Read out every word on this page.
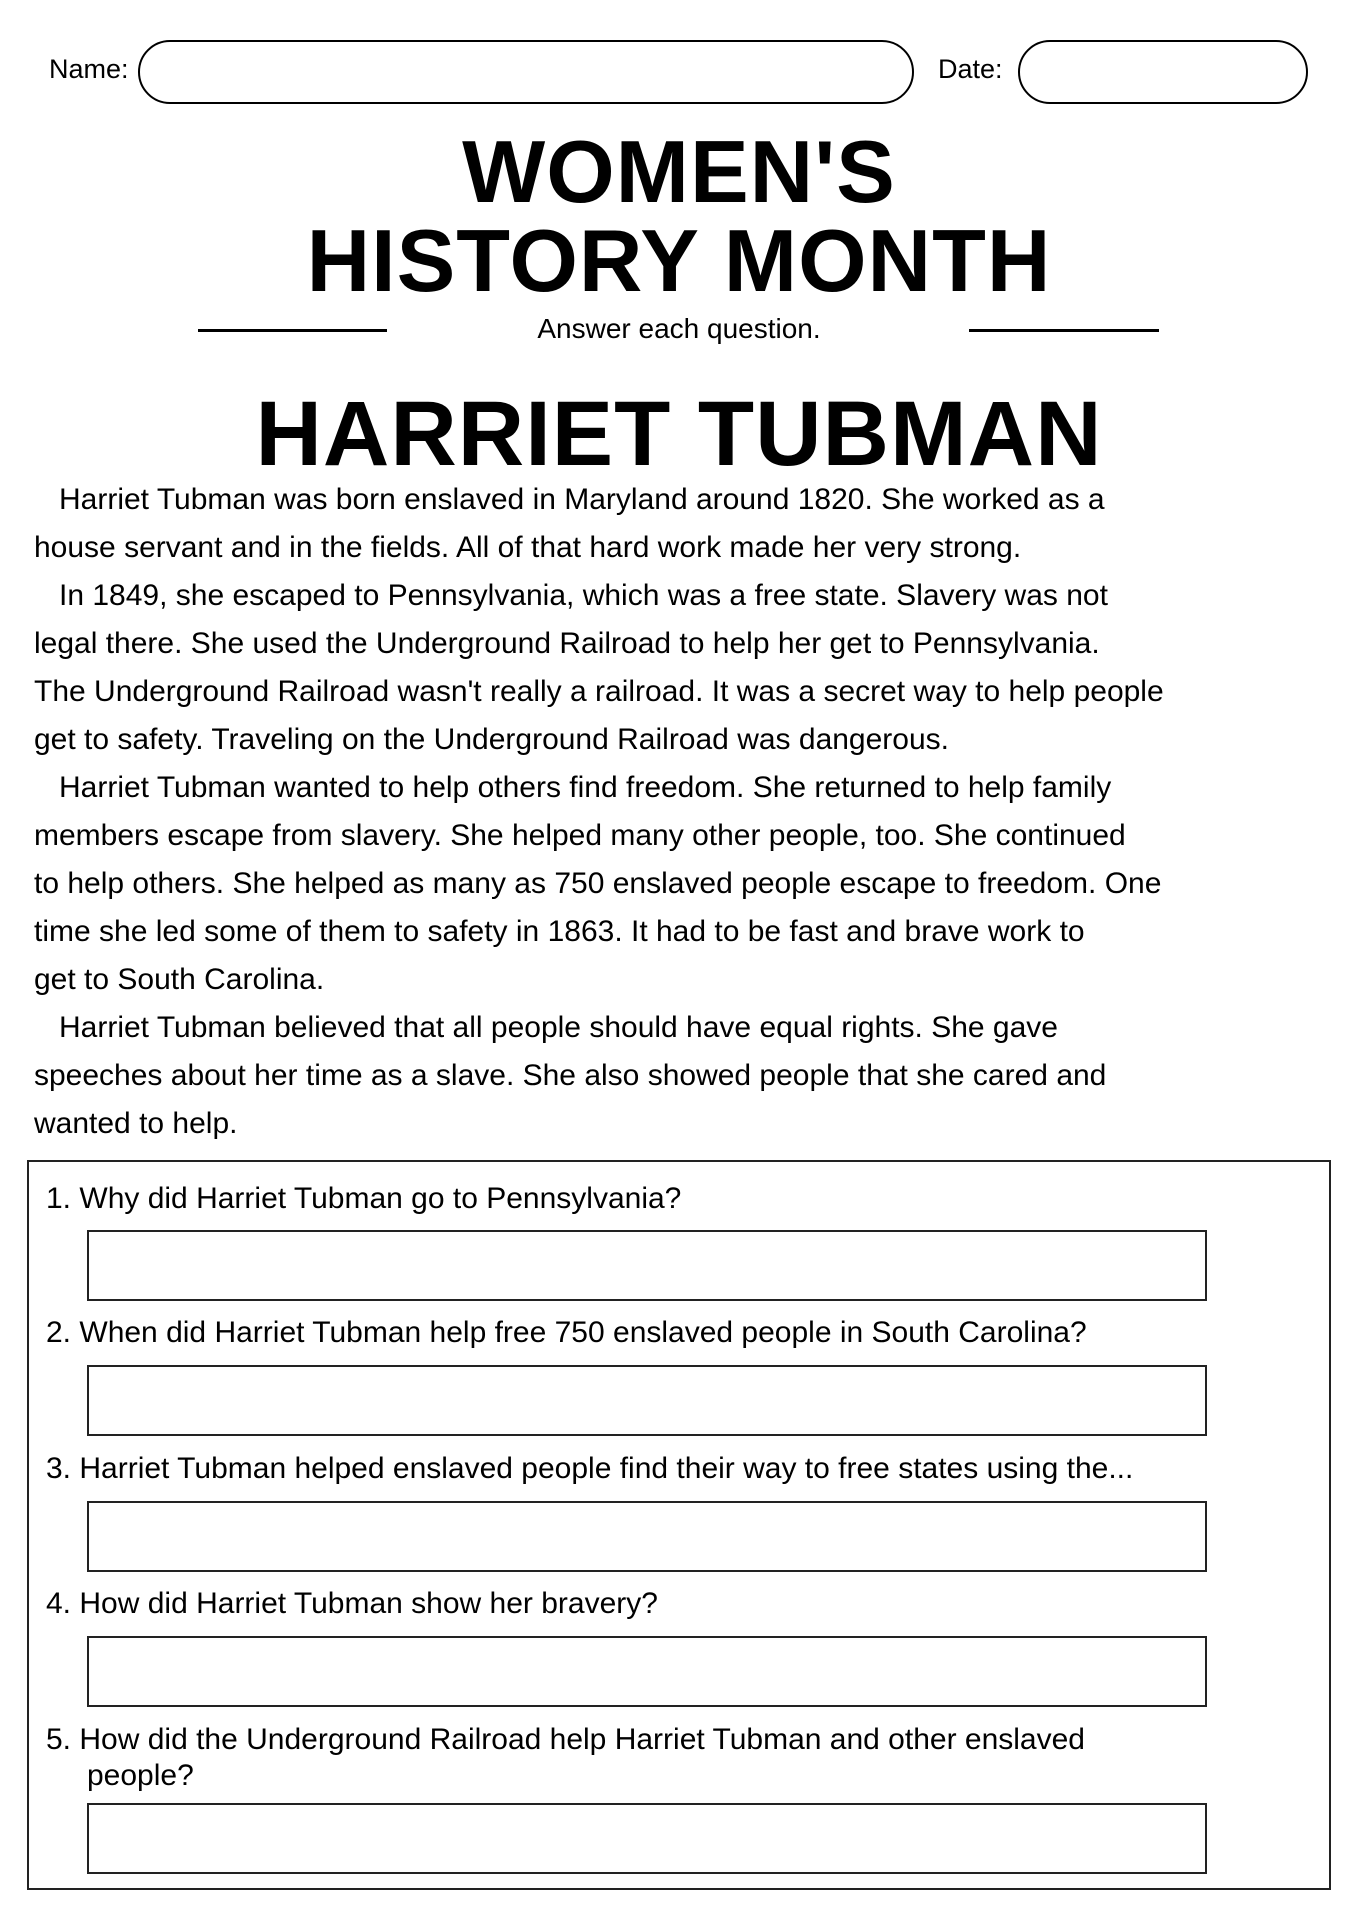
Name:	Date:
WOMEN'S
HISTORY MONTH
Answer each question.
HARRIET TUBMAN
Harriet Tubman was born enslaved in Maryland around 1820. She worked as a
house servant and in the fields. All of that hard work made her very strong.
In 1849, she escaped to Pennsylvania, which was a free state. Slavery was not
legal there. She used the Underground Railroad to help her get to Pennsylvania.
The Underground Railroad wasn't really a railroad. It was a secret way to help people
get to safety. Traveling on the Underground Railroad was dangerous.
Harriet Tubman wanted to help others find freedom. She returned to help family
members escape from slavery. She helped many other people, too. She continued
to help others. She helped as many as 750 enslaved people escape to freedom. One
time she led some of them to safety in 1863. It had to be fast and brave work to
get to South Carolina.
Harriet Tubman believed that all people should have equal rights. She gave
speeches about her time as a slave. She also showed people that she cared and
wanted to help.
1. Why did Harriet Tubman go to Pennsylvania?
2. When did Harriet Tubman help free 750 enslaved people in South Carolina?
3. Harriet Tubman helped enslaved people find their way to free states using the...
4. How did Harriet Tubman show her bravery?
5. How did the Underground Railroad help Harriet Tubman and other enslaved
people?
